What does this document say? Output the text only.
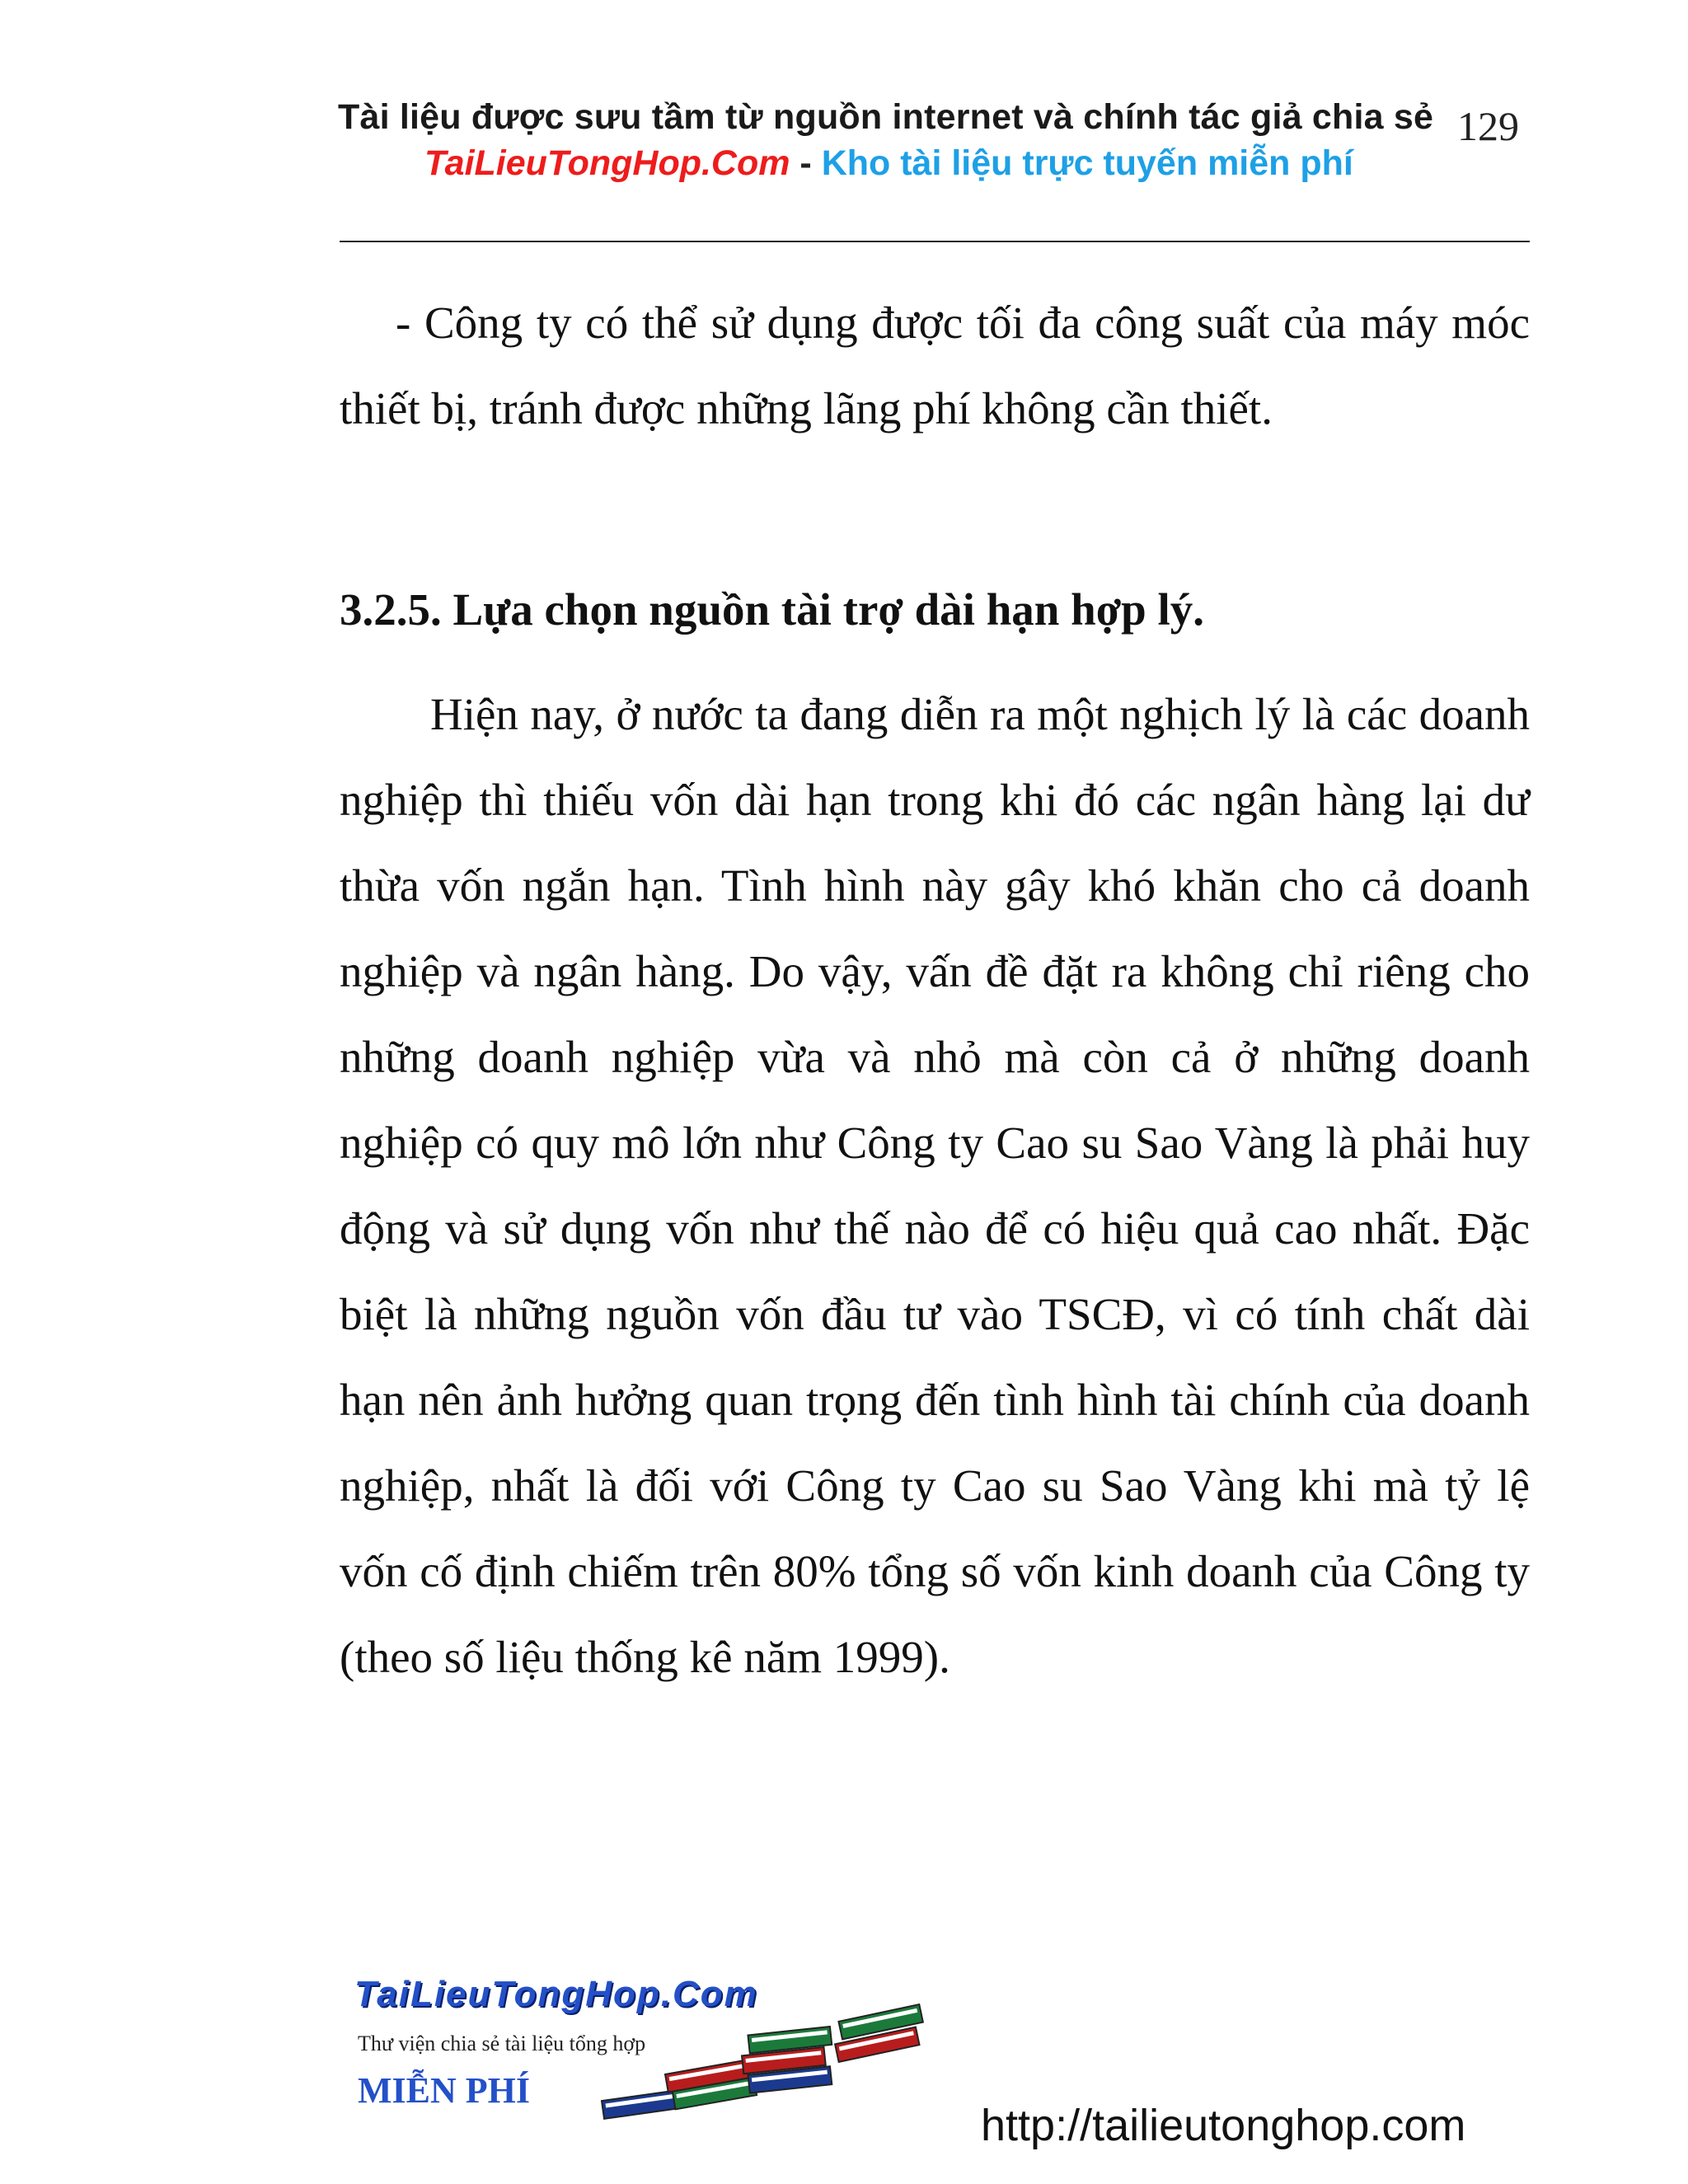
Tài liệu được sưu tầm từ nguồn internet và chính tác giả chia sẻ 129
TaiLieuTongHop.Com - Kho tài liệu trực tuyến miễn phí

- Công ty có thể sử dụng được tối đa công suất của máy móc thiết bị, tránh được những lãng phí không cần thiết.

3.2.5. Lựa chọn nguồn tài trợ dài hạn hợp lý.

Hiện nay, ở nước ta đang diễn ra một nghịch lý là các doanh nghiệp thì thiếu vốn dài hạn trong khi đó các ngân hàng lại dư thừa vốn ngắn hạn. Tình hình này gây khó khăn cho cả doanh nghiệp và ngân hàng. Do vậy, vấn đề đặt ra không chỉ riêng cho những doanh nghiệp vừa và nhỏ mà còn cả ở những doanh nghiệp có quy mô lớn như Công ty Cao su Sao Vàng là phải huy động và sử dụng vốn như thế nào để có hiệu quả cao nhất. Đặc biệt là những nguồn vốn đầu tư vào TSCĐ, vì có tính chất dài hạn nên ảnh hưởng quan trọng đến tình hình tài chính của doanh nghiệp, nhất là đối với Công ty Cao su Sao Vàng khi mà tỷ lệ vốn cố định chiếm trên 80% tổng số vốn kinh doanh của Công ty (theo số liệu thống kê năm 1999).

TaiLieuTongHop.Com
Thư viện chia sẻ tài liệu tổng hợp
MIỄN PHÍ
http://tailieutonghop.com
